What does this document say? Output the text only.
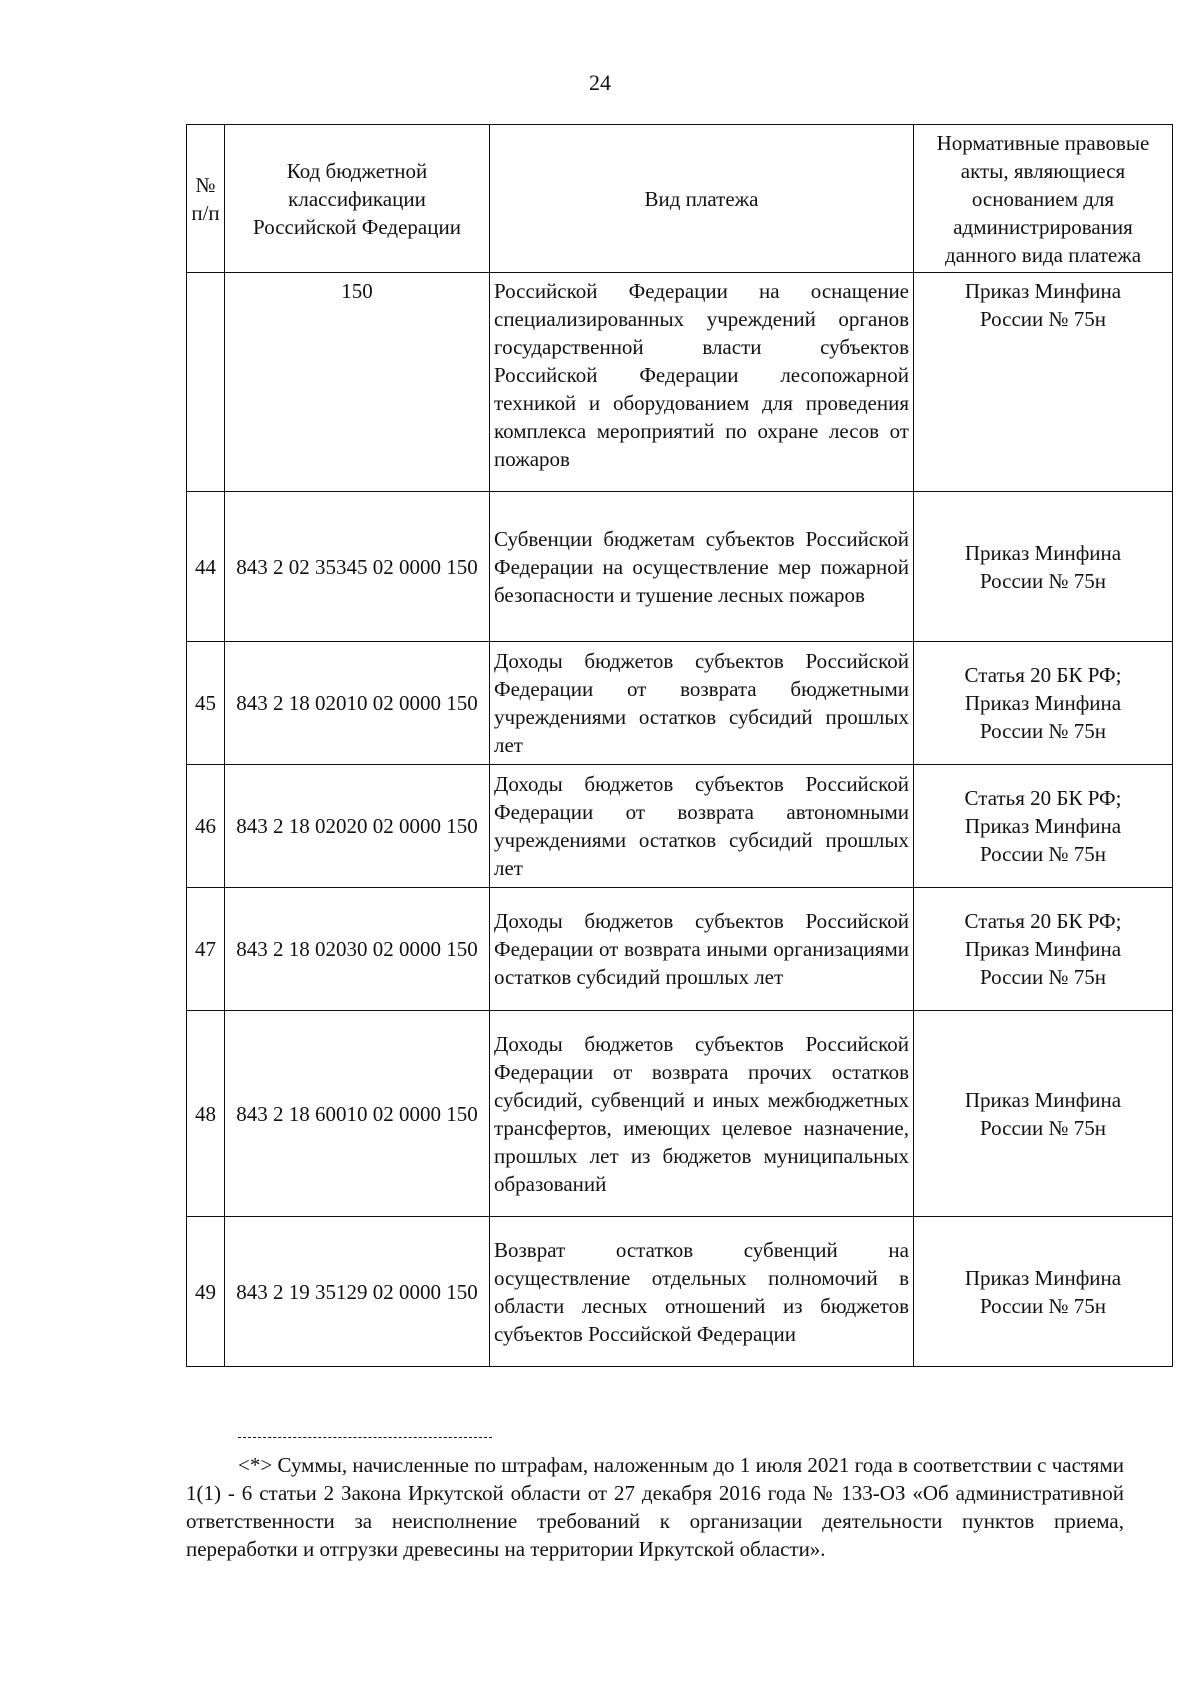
24
№ п/п	Код бюджетной классификации Российской Федерации	Вид платежа	Нормативные правовые акты, являющиеся основанием для администрирования данного вида платежа
	150	Российской Федерации на оснащение специализированных учреждений органов государственной власти субъектов Российской Федерации лесопожарной техникой и оборудованием для проведения комплекса мероприятий по охране лесов от пожаров	Приказ Минфина России № 75н
44	843 2 02 35345 02 0000 150	Субвенции бюджетам субъектов Российской Федерации на осуществление мер пожарной безопасности и тушение лесных пожаров	Приказ Минфина России № 75н
45	843 2 18 02010 02 0000 150	Доходы бюджетов субъектов Российской Федерации от возврата бюджетными учреждениями остатков субсидий прошлых лет	Статья 20 БК РФ; Приказ Минфина России № 75н
46	843 2 18 02020 02 0000 150	Доходы бюджетов субъектов Российской Федерации от возврата автономными учреждениями остатков субсидий прошлых лет	Статья 20 БК РФ; Приказ Минфина России № 75н
47	843 2 18 02030 02 0000 150	Доходы бюджетов субъектов Российской Федерации от возврата иными организациями остатков субсидий прошлых лет	Статья 20 БК РФ; Приказ Минфина России № 75н
48	843 2 18 60010 02 0000 150	Доходы бюджетов субъектов Российской Федерации от возврата прочих остатков субсидий, субвенций и иных межбюджетных трансфертов, имеющих целевое назначение, прошлых лет из бюджетов муниципальных образований	Приказ Минфина России № 75н
49	843 2 19 35129 02 0000 150	Возврат остатков субвенций на осуществление отдельных полномочий в области лесных отношений из бюджетов субъектов Российской Федерации	Приказ Минфина России № 75н
<*> Суммы, начисленные по штрафам, наложенным до 1 июля 2021 года в соответствии с частями 1(1) - 6 статьи 2 Закона Иркутской области от 27 декабря 2016 года № 133-ОЗ «Об административной ответственности за неисполнение требований к организации деятельности пунктов приема, переработки и отгрузки древесины на территории Иркутской области».
